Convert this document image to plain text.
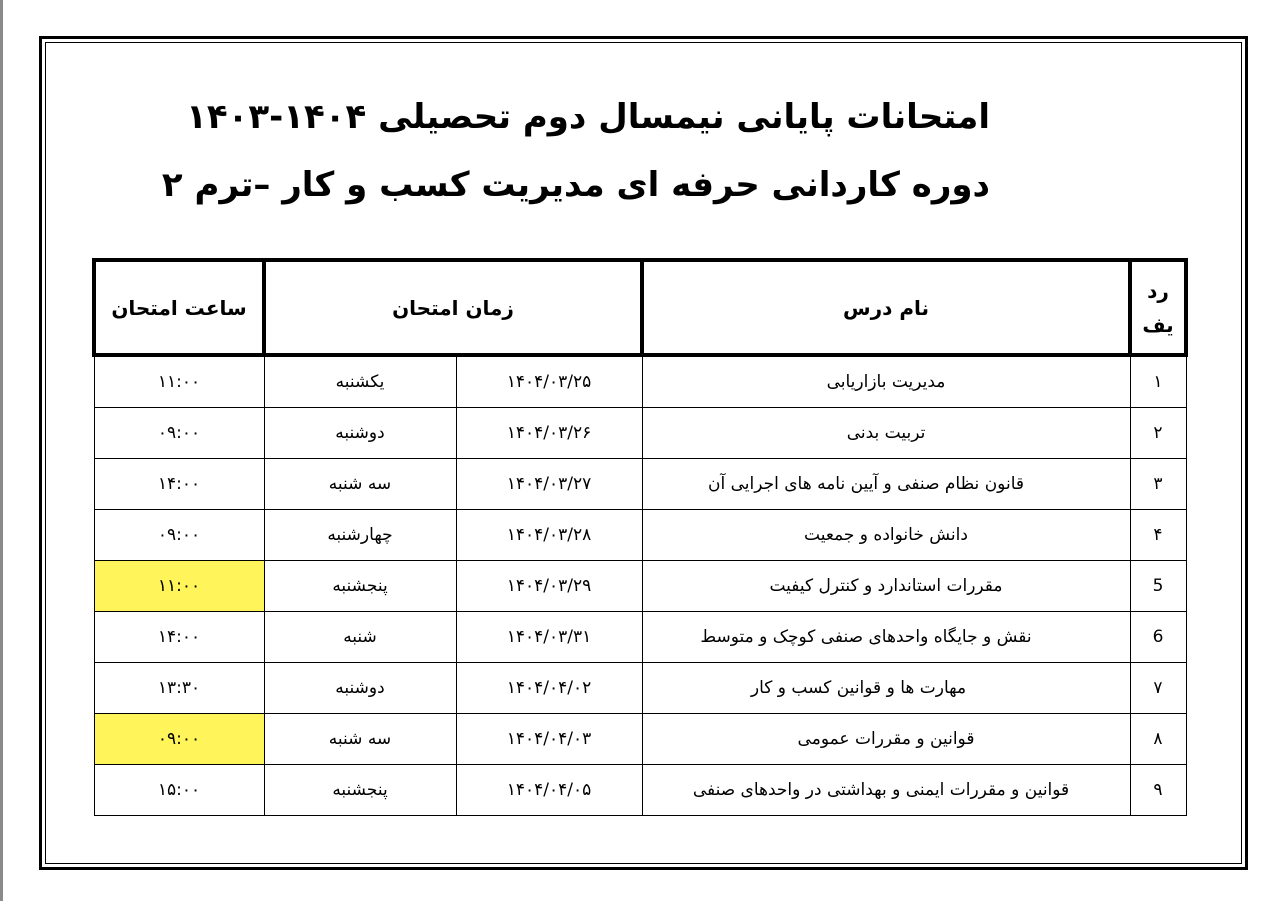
امتحانات پایانی نیمسال دوم تحصیلی ۱۴۰۴-۱۴۰۳
دوره کاردانی حرفه ای مدیریت کسب و کار –ترم ۲
رد یف	نام درس	زمان امتحان		ساعت امتحان
۱	مدیریت بازاریابی	۱۴۰۴/۰۳/۲۵	یکشنبه	۱۱:۰۰
۲	تربیت بدنی	۱۴۰۴/۰۳/۲۶	دوشنبه	۰۹:۰۰
۳	قانون نظام صنفی و آیین نامه های اجرایی آن	۱۴۰۴/۰۳/۲۷	سه شنبه	۱۴:۰۰
۴	دانش خانواده و جمعیت	۱۴۰۴/۰۳/۲۸	چهارشنبه	۰۹:۰۰
5	مقررات استاندارد و کنترل کیفیت	۱۴۰۴/۰۳/۲۹	پنجشنبه	۱۱:۰۰
6	نقش و جایگاه واحدهای صنفی کوچک و متوسط	۱۴۰۴/۰۳/۳۱	شنبه	۱۴:۰۰
۷	مهارت ها و قوانین کسب و کار	۱۴۰۴/۰۴/۰۲	دوشنبه	۱۳:۳۰
۸	قوانین و مقررات عمومی	۱۴۰۴/۰۴/۰۳	سه شنبه	۰۹:۰۰
۹	قوانین و مقررات ایمنی و بهداشتی در واحدهای صنفی	۱۴۰۴/۰۴/۰۵	پنجشنبه	۱۵:۰۰
